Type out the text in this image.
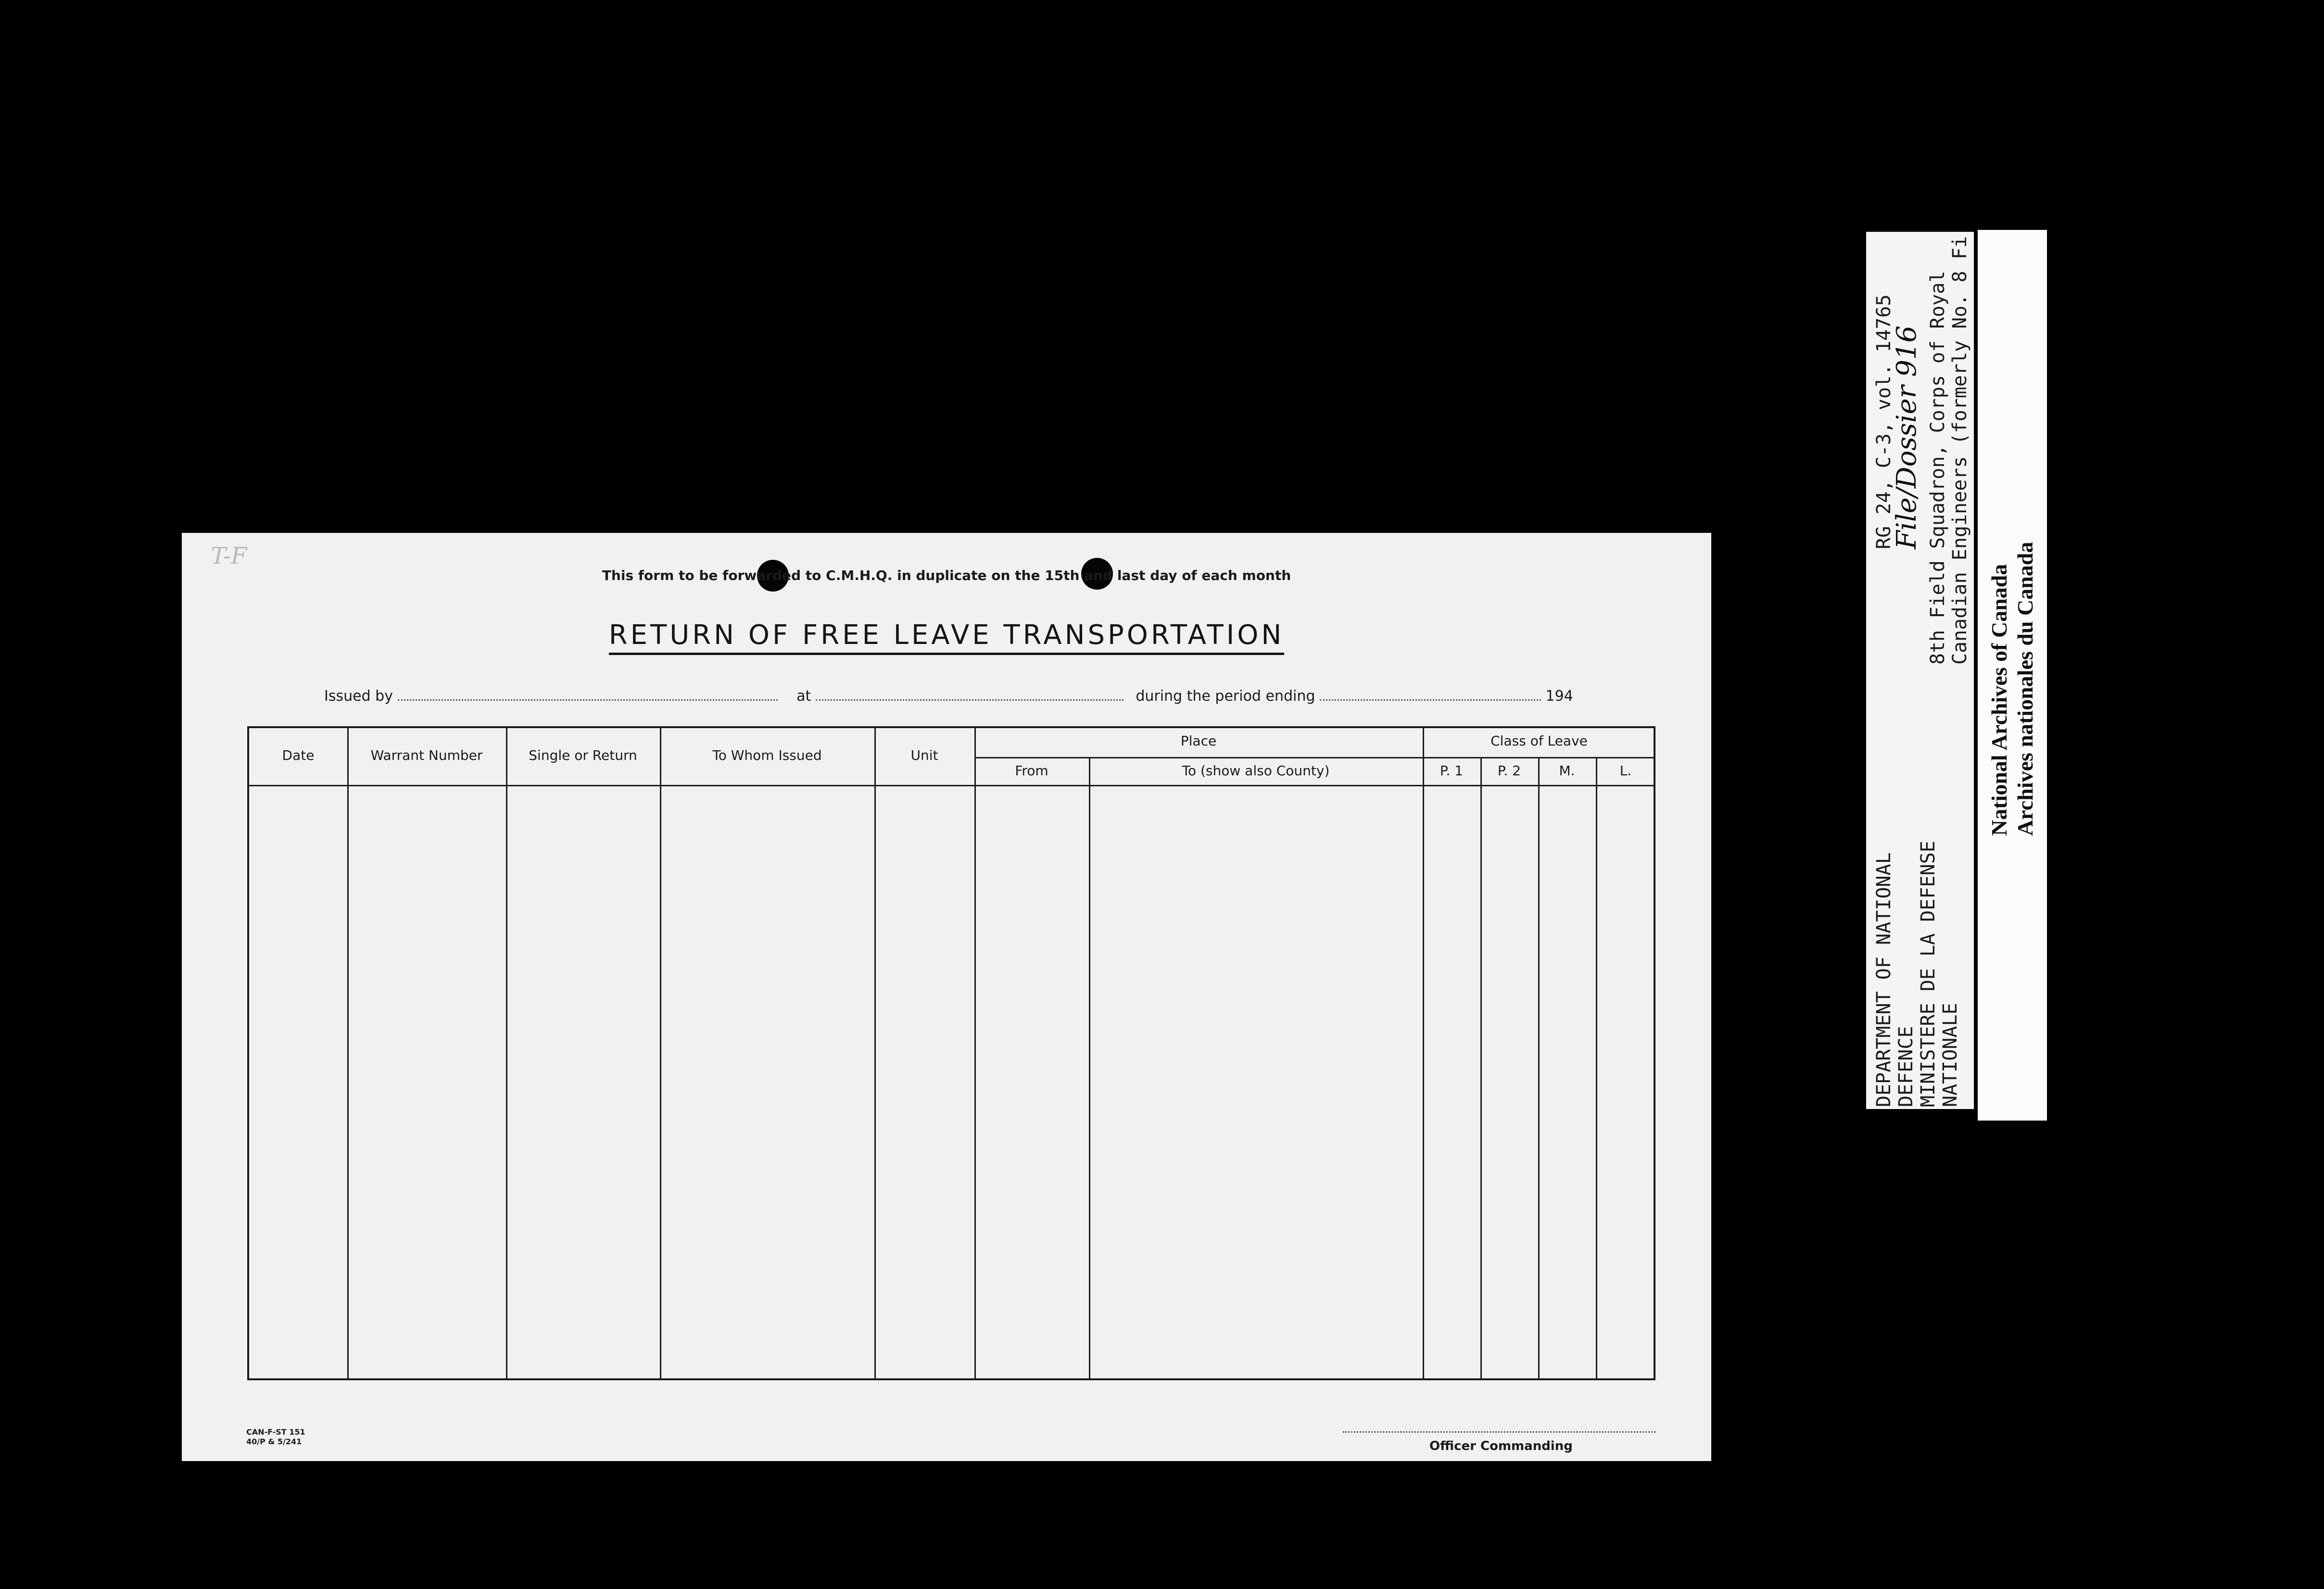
T-F
This form to be forwarded to C.M.H.Q. in duplicate on the 15th and last day of each month
RETURN OF FREE LEAVE TRANSPORTATION
Issued by	at	during the period ending	194
Date	Warrant Number	Single or Return	To Whom Issued	Unit
Place
From	To (show also County)
Class of Leave
P. 1	P. 2	M.	L.
CAN-F-ST 151
40/P & 5/241	Officer Commanding
DEPARTMENT OF NATIONAL DEFENCE MINISTERE DE LA DEFENSE NATIONALE
RG 24, C-3, vol. 14765
File/Dossier 916 8th Field Squadron, Corps of Royal Canadian Engineers (formerly No. 8 Fi
National Archives of Canada Archives nationales du Canada
